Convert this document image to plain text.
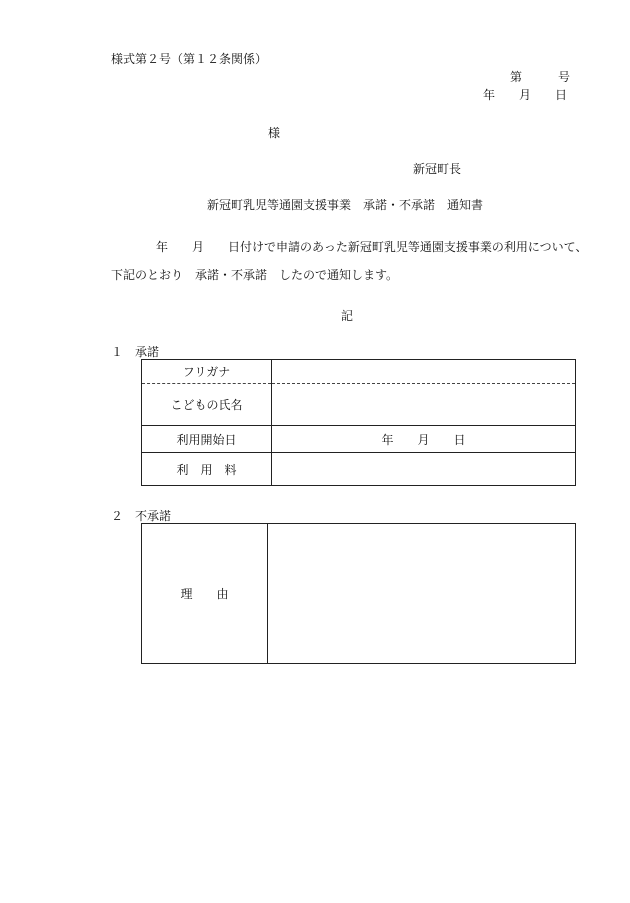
様式第２号（第１２条関係）
第　　　号
年　　月　　日
様
新冠町長
新冠町乳児等通園支援事業　承諾・不承諾　通知書
年　　月　　日付けで申請のあった新冠町乳児等通園支援事業の利用について、
下記のとおり　承諾・不承諾　したので通知します。
記
１　承諾
フリガナ	
こどもの氏名	
利用開始日	年　　月　　日
利　用　料	
２　不承諾
理　　由	
